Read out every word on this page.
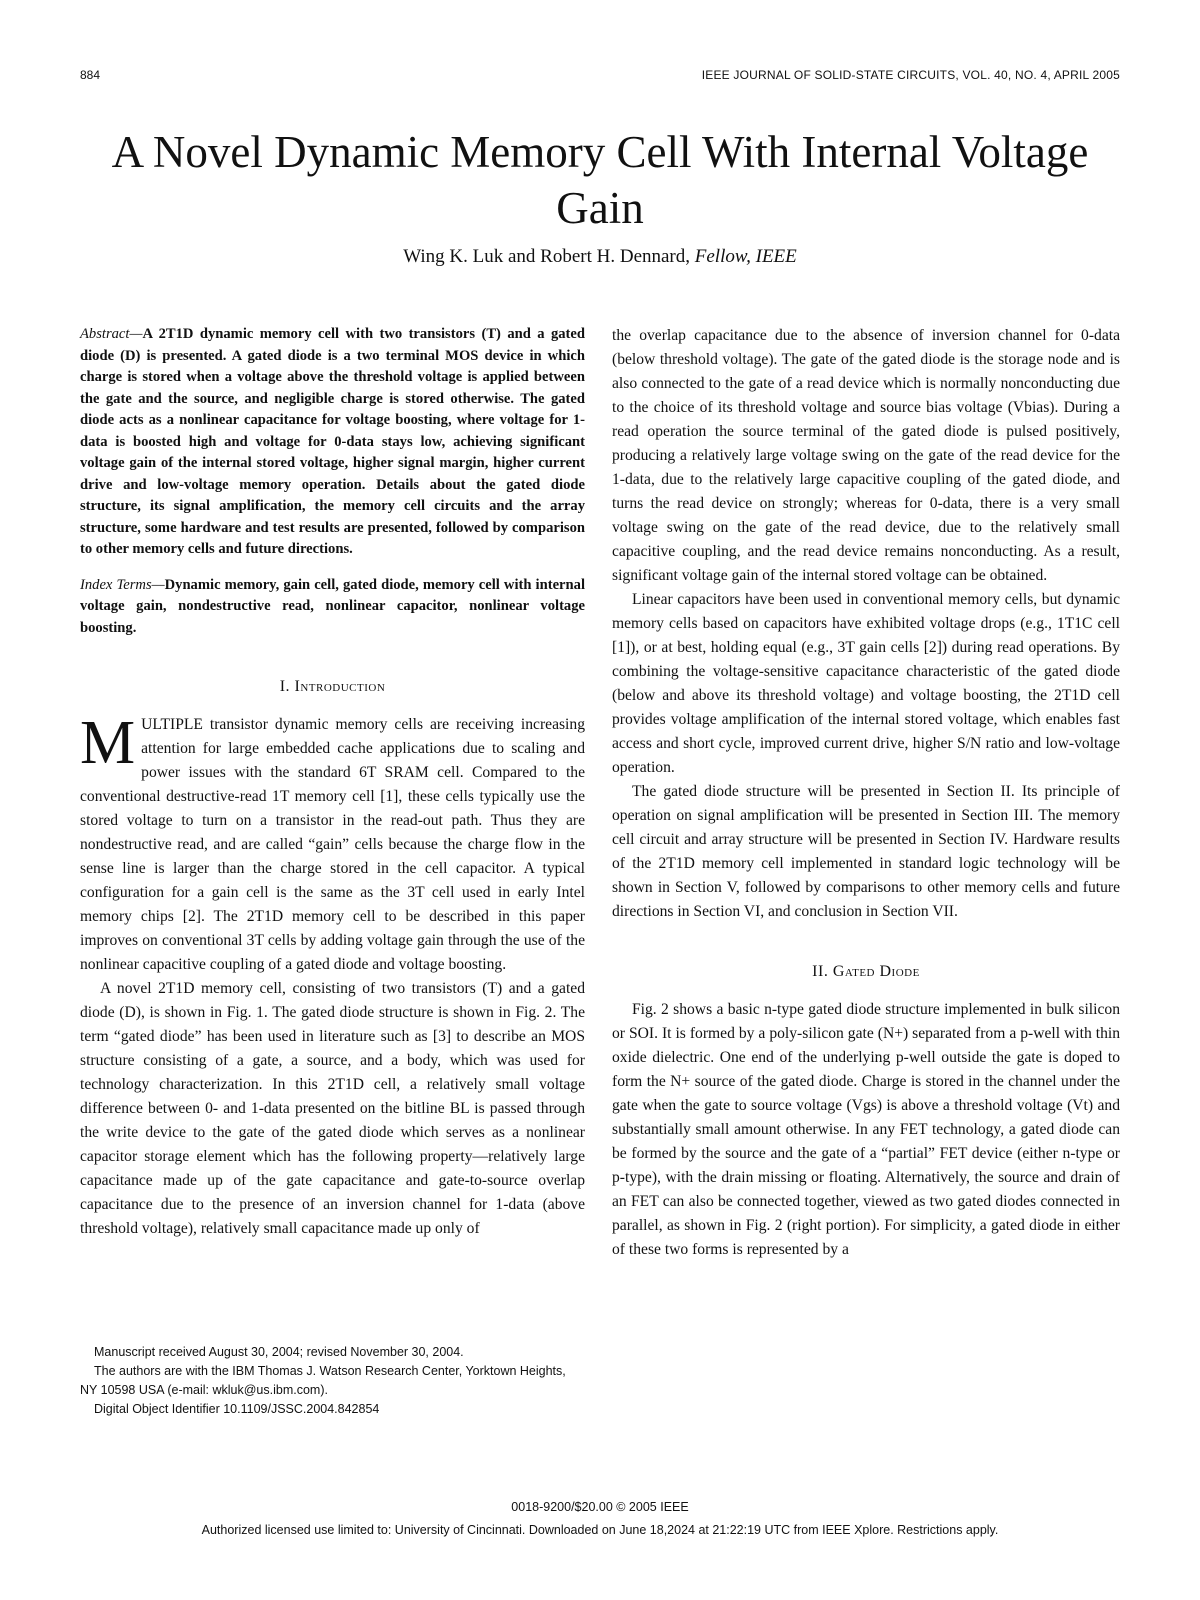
884	IEEE JOURNAL OF SOLID-STATE CIRCUITS, VOL. 40, NO. 4, APRIL 2005
A Novel Dynamic Memory Cell With Internal Voltage Gain
Wing K. Luk and Robert H. Dennard, Fellow, IEEE

Abstract—A 2T1D dynamic memory cell with two transistors (T) and a gated diode (D) is presented. A gated diode is a two terminal MOS device in which charge is stored when a voltage above the threshold voltage is applied between the gate and the source, and negligible charge is stored otherwise. The gated diode acts as a nonlinear capacitance for voltage boosting, where voltage for 1-data is boosted high and voltage for 0-data stays low, achieving significant voltage gain of the internal stored voltage, higher signal margin, higher current drive and low-voltage memory operation. Details about the gated diode structure, its signal amplification, the memory cell circuits and the array structure, some hardware and test results are presented, followed by comparison to other memory cells and future directions.

Index Terms—Dynamic memory, gain cell, gated diode, memory cell with internal voltage gain, nondestructive read, nonlinear capacitor, nonlinear voltage boosting.

I. Introduction

MULTIPLE transistor dynamic memory cells are receiving increasing attention for large embedded cache applications due to scaling and power issues with the standard 6T SRAM cell. Compared to the conventional destructive-read 1T memory cell [1], these cells typically use the stored voltage to turn on a transistor in the read-out path. Thus they are nondestructive read, and are called “gain” cells because the charge flow in the sense line is larger than the charge stored in the cell capacitor. A typical configuration for a gain cell is the same as the 3T cell used in early Intel memory chips [2]. The 2T1D memory cell to be described in this paper improves on conventional 3T cells by adding voltage gain through the use of the nonlinear capacitive coupling of a gated diode and voltage boosting.

A novel 2T1D memory cell, consisting of two transistors (T) and a gated diode (D), is shown in Fig. 1. The gated diode structure is shown in Fig. 2. The term “gated diode” has been used in literature such as [3] to describe an MOS structure consisting of a gate, a source, and a body, which was used for technology characterization. In this 2T1D cell, a relatively small voltage difference between 0- and 1-data presented on the bitline BL is passed through the write device to the gate of the gated diode which serves as a nonlinear capacitor storage element which has the following property—relatively large capacitance made up of the gate capacitance and gate-to-source overlap capacitance due to the presence of an inversion channel for 1-data (above threshold voltage), relatively small capacitance made up only of

Manuscript received August 30, 2004; revised November 30, 2004.

The authors are with the IBM Thomas J. Watson Research Center, Yorktown Heights, NY 10598 USA (e-mail: wkluk@us.ibm.com).

Digital Object Identifier 10.1109/JSSC.2004.842854

the overlap capacitance due to the absence of inversion channel for 0-data (below threshold voltage). The gate of the gated diode is the storage node and is also connected to the gate of a read device which is normally nonconducting due to the choice of its threshold voltage and source bias voltage (Vbias). During a read operation the source terminal of the gated diode is pulsed positively, producing a relatively large voltage swing on the gate of the read device for the 1-data, due to the relatively large capacitive coupling of the gated diode, and turns the read device on strongly; whereas for 0-data, there is a very small voltage swing on the gate of the read device, due to the relatively small capacitive coupling, and the read device remains nonconducting. As a result, significant voltage gain of the internal stored voltage can be obtained.

Linear capacitors have been used in conventional memory cells, but dynamic memory cells based on capacitors have exhibited voltage drops (e.g., 1T1C cell [1]), or at best, holding equal (e.g., 3T gain cells [2]) during read operations. By combining the voltage-sensitive capacitance characteristic of the gated diode (below and above its threshold voltage) and voltage boosting, the 2T1D cell provides voltage amplification of the internal stored voltage, which enables fast access and short cycle, improved current drive, higher S/N ratio and low-voltage operation.

The gated diode structure will be presented in Section II. Its principle of operation on signal amplification will be presented in Section III. The memory cell circuit and array structure will be presented in Section IV. Hardware results of the 2T1D memory cell implemented in standard logic technology will be shown in Section V, followed by comparisons to other memory cells and future directions in Section VI, and conclusion in Section VII.

II. Gated Diode

Fig. 2 shows a basic n-type gated diode structure implemented in bulk silicon or SOI. It is formed by a poly-silicon gate (N+) separated from a p-well with thin oxide dielectric. One end of the underlying p-well outside the gate is doped to form the N+ source of the gated diode. Charge is stored in the channel under the gate when the gate to source voltage (Vgs) is above a threshold voltage (Vt) and substantially small amount otherwise. In any FET technology, a gated diode can be formed by the source and the gate of a “partial” FET device (either n-type or p-type), with the drain missing or floating. Alternatively, the source and drain of an FET can also be connected together, viewed as two gated diodes connected in parallel, as shown in Fig. 2 (right portion). For simplicity, a gated diode in either of these two forms is represented by a

0018-9200/$20.00 © 2005 IEEE
Authorized licensed use limited to: University of Cincinnati. Downloaded on June 18,2024 at 21:22:19 UTC from IEEE Xplore. Restrictions apply.
